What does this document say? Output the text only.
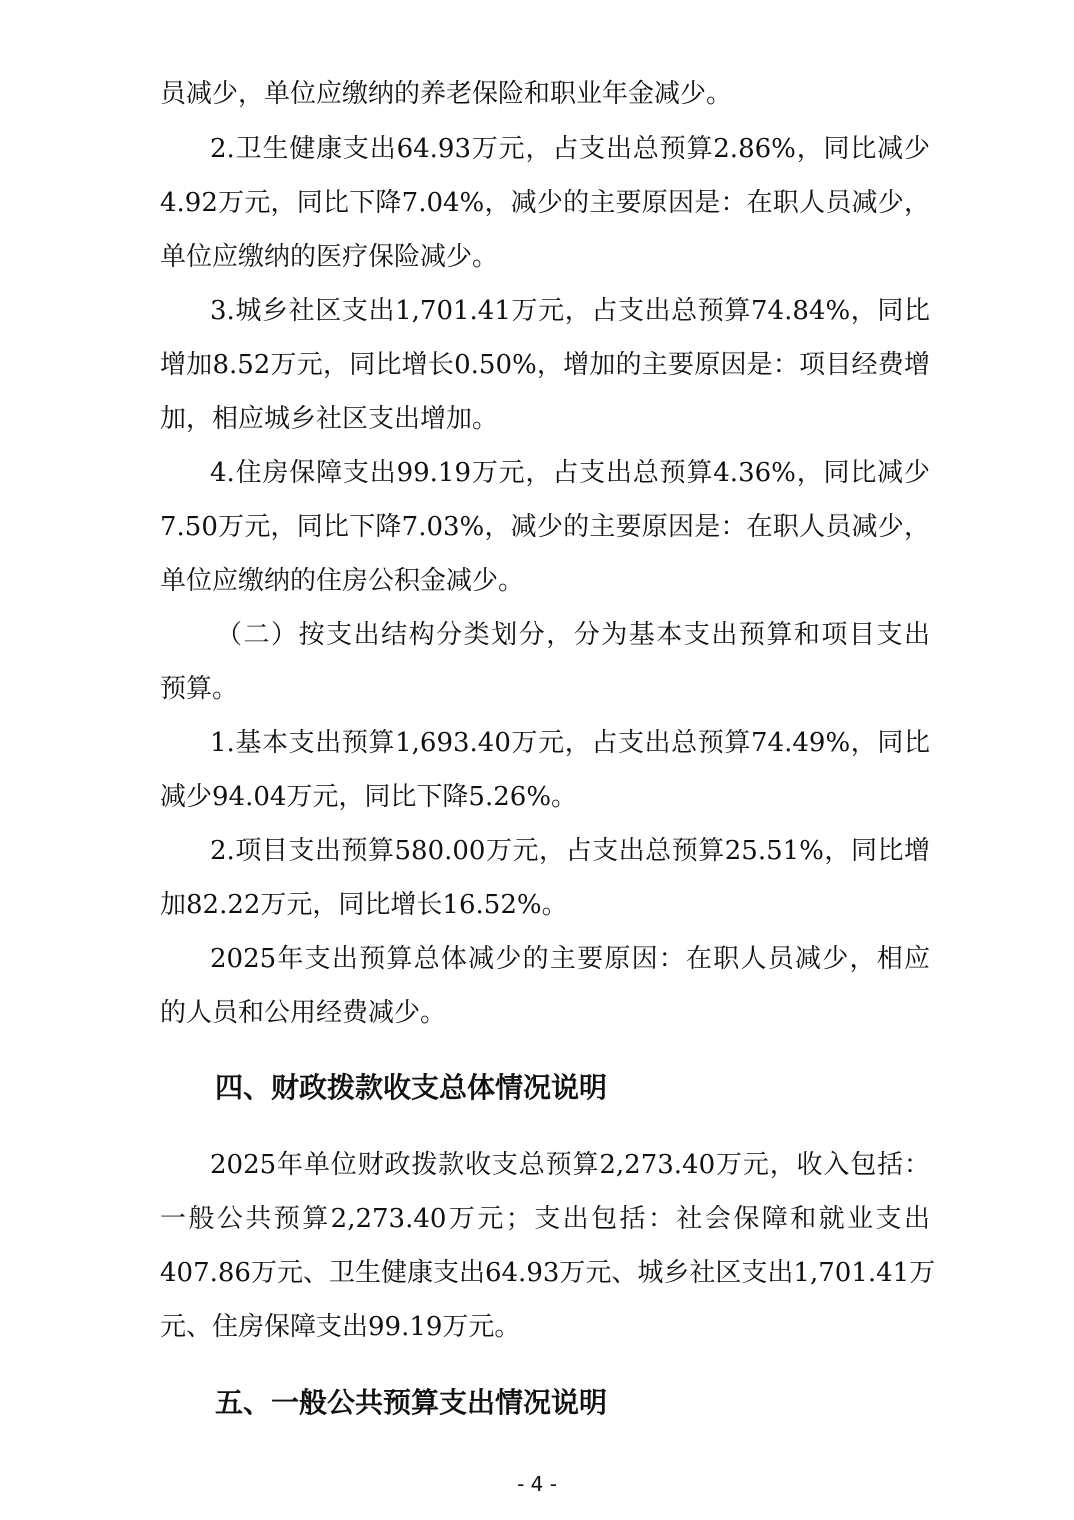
员减少，单位应缴纳的养老保险和职业年金减少。
2.卫生健康支出64.93万元，占支出总预算2.86%，同比减少
4.92万元，同比下降7.04%，减少的主要原因是：在职人员减少，
单位应缴纳的医疗保险减少。
3.城乡社区支出1,701.41万元，占支出总预算74.84%，同比
增加8.52万元，同比增长0.50%，增加的主要原因是：项目经费增
加，相应城乡社区支出增加。
4.住房保障支出99.19万元，占支出总预算4.36%，同比减少
7.50万元，同比下降7.03%，减少的主要原因是：在职人员减少，
单位应缴纳的住房公积金减少。
（二）按支出结构分类划分，分为基本支出预算和项目支出
预算。
1.基本支出预算1,693.40万元，占支出总预算74.49%，同比
减少94.04万元，同比下降5.26%。
2.项目支出预算580.00万元，占支出总预算25.51%，同比增
加82.22万元，同比增长16.52%。
2025年支出预算总体减少的主要原因：在职人员减少，相应
的人员和公用经费减少。
四、财政拨款收支总体情况说明
2025年单位财政拨款收支总预算2,273.40万元，收入包括：
一般公共预算2,273.40万元；支出包括：社会保障和就业支出
407.86万元、卫生健康支出64.93万元、城乡社区支出1,701.41万
元、住房保障支出99.19万元。
五、一般公共预算支出情况说明
- 4 -
